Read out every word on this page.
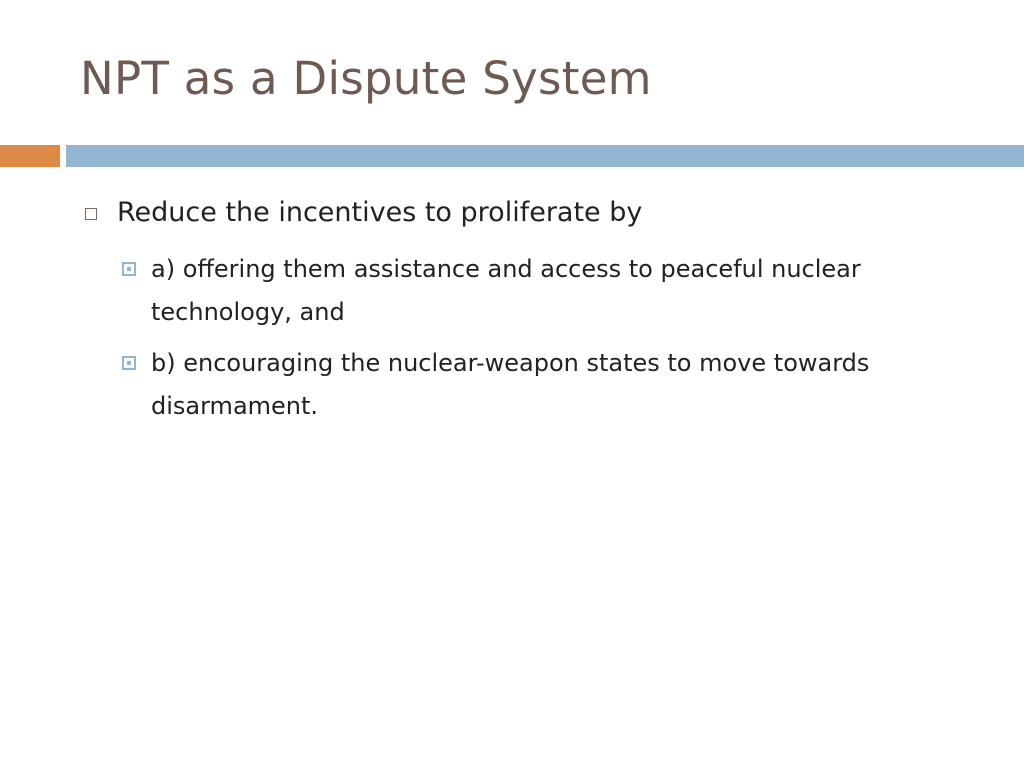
NPT as a Dispute System
Reduce the incentives to proliferate by
a) offering them assistance and access to peaceful nuclear technology, and
b) encouraging the nuclear-weapon states to move towards disarmament.
